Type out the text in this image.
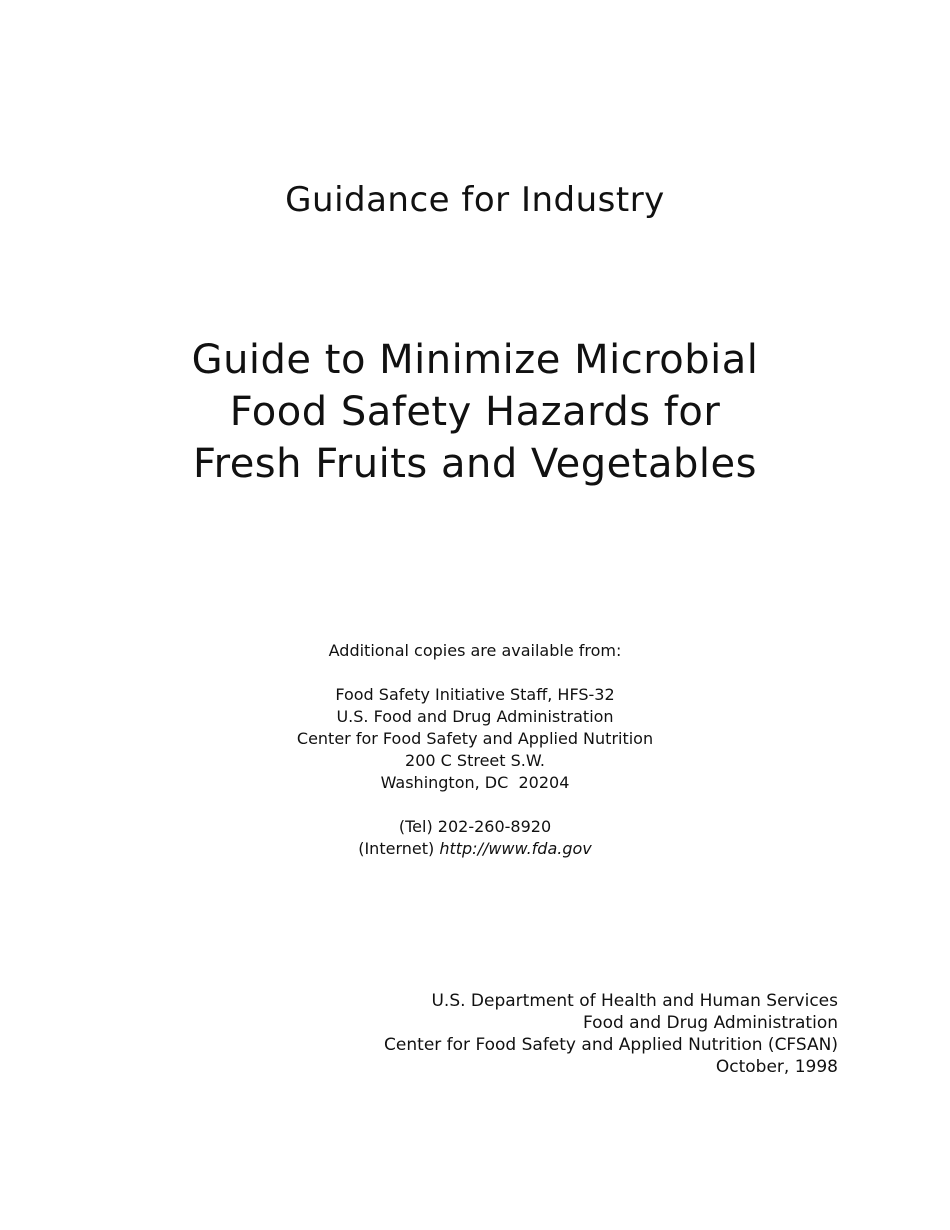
Guidance for Industry
Guide to Minimize Microbial
Food Safety Hazards for
Fresh Fruits and Vegetables
Additional copies are available from:
Food Safety Initiative Staff, HFS-32
U.S. Food and Drug Administration
Center for Food Safety and Applied Nutrition
200 C Street S.W.
Washington, DC  20204
(Tel) 202-260-8920
(Internet) http://www.fda.gov
U.S. Department of Health and Human Services
Food and Drug Administration
Center for Food Safety and Applied Nutrition (CFSAN)
October, 1998
